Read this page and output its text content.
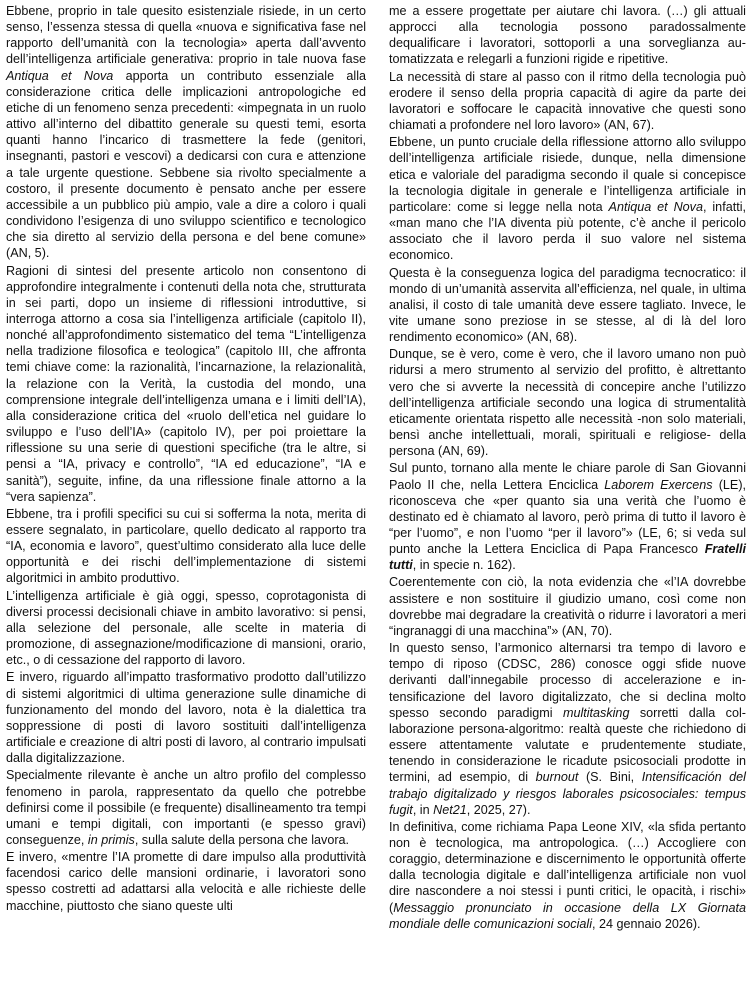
Ebbene, proprio in tale quesito esistenziale risiede, in un certo senso, l’essenza stessa di quella «nuova e significativa fase nel rapporto dell’umanità con la tecnologia» aperta dall’avvento dell’intelligenza artificiale generativa: proprio in tale nuova fase Antiqua et Nova apporta un contributo essenziale alla considerazione critica delle implicazioni antropologiche ed etiche di un fenomeno senza precedenti: «impegnata in un ruolo attivo all’interno del dibattito generale su questi temi, esorta quanti hanno l’incarico di trasmettere la fede (genitori, insegnanti, pastori e vescovi) a dedicarsi con cura e attenzione a tale urgente questione. Sebbene sia rivolto specialmente a costoro, il presente documento è pensato anche per essere accessibile a un pubblico più ampio, vale a dire a coloro i quali condividono l’esigenza di uno sviluppo scientifico e tecnologico che sia diretto al servizio della persona e del bene comune» (AN, 5).

Ragioni di sintesi del presente articolo non consentono di approfondire integralmente i contenuti della nota che, strutturata in sei parti, dopo un insieme di riflessioni introduttive, si interroga attorno a cosa sia l’intelligenza artificiale (capitolo II), nonché all’approfondimento sistematico del tema “L’intelligenza nella tradizione filosofica e teologica” (capitolo III, che affronta temi chiave come: la razionalità, l’incarnazione, la relazionalità, la relazione con la Verità, la custodia del mondo, una comprensione integrale dell’intelligenza umana e i limiti dell’IA), alla considerazione critica del «ruolo dell’etica nel guidare lo sviluppo e l’uso dell’IA» (capitolo IV), per poi proiettare la riflessione su una serie di questioni specifiche (tra le altre, si pensi a “IA, privacy e controllo”, “IA ed educazione”, “IA e sanità”), seguite, infine, da una riflessione finale attorno a la “vera sapienza”.

Ebbene, tra i profili specifici su cui si sofferma la nota, merita di essere segnalato, in particolare, quello dedicato al rapporto tra “IA, economia e lavoro”, quest’ultimo considerato alla luce delle opportunità e dei rischi dell’implementazione di sistemi algoritmici in ambito produttivo.

L’intelligenza artificiale è già oggi, spesso, coprotagonista di diversi processi decisionali chiave in ambito lavorativo: si pensi, alla selezione del personale, alle scelte in materia di promozione, di assegnazione/modificazione di mansioni, orario, etc., o di cessazione del rapporto di lavoro.

E invero, riguardo all’impatto trasformativo prodotto dall’utilizzo di sistemi algoritmici di ultima generazione sulle dinamiche di funzionamento del mondo del lavoro, nota è la dialettica tra soppressione di posti di lavoro sostituiti dall’intelligenza artificiale e creazione di altri posti di lavoro, al contrario impulsati dalla digitalizzazione.

Specialmente rilevante è anche un altro profilo del complesso fenomeno in parola, rappresentato da quello che potrebbe definirsi come il possibile (e frequente) disallineamento tra tempi umani e tempi digitali, con importanti (e spesso gravi) conseguenze, in primis, sulla salute della persona che lavora.

E invero, «mentre l’IA promette di dare impulso alla produttività facendosi carico delle mansioni ordinarie, i lavoratori sono spesso costretti ad adattarsi alla velocità e alle richieste delle macchine, piuttosto che siano queste ulti

me a essere progettate per aiutare chi lavora. (…) gli attuali approcci alla tecnologia possono paradossalmente dequalificare i lavoratori, sottoporli a una sorveglianza automatizzata e relegarli a funzioni rigide e ripetitive.

La necessità di stare al passo con il ritmo della tecnologia può erodere il senso della propria capacità di agire da parte dei lavoratori e soffocare le capacità innovative che questi sono chiamati a profondere nel loro lavoro» (AN, 67).

Ebbene, un punto cruciale della riflessione attorno allo sviluppo dell’intelligenza artificiale risiede, dunque, nella dimensione etica e valoriale del paradigma secondo il quale si concepisce la tecnologia digitale in generale e l’intelligenza artificiale in particolare: come si legge nella nota Antiqua et Nova, infatti, «man mano che l’IA diventa più potente, c’è anche il pericolo associato che il lavoro perda il suo valore nel sistema economico.

Questa è la conseguenza logica del paradigma tecnocratico: il mondo di un’umanità asservita all’efficienza, nel quale, in ultima analisi, il costo di tale umanità deve essere tagliato. Invece, le vite umane sono preziose in se stesse, al di là del loro rendimento economico» (AN, 68).

Dunque, se è vero, come è vero, che il lavoro umano non può ridursi a mero strumento al servizio del profitto, è altrettanto vero che si avverte la necessità di concepire anche l’utilizzo dell’intelligenza artificiale secondo una logica di strumentalità eticamente orientata rispetto alle necessità -non solo materiali, bensì anche intellettuali, morali, spirituali e religiose- della persona (AN, 69).

Sul punto, tornano alla mente le chiare parole di San Giovanni Paolo II che, nella Lettera Enciclica Laborem Exercens (LE), riconosceva che «per quanto sia una verità che l’uomo è destinato ed è chiamato al lavoro, però prima di tutto il lavoro è “per l’uomo”, e non l’uomo “per il lavoro”» (LE, 6; si veda sul punto anche la Lettera Enciclica di Papa Francesco Fratelli tutti, in specie n. 162).

Coerentemente con ciò, la nota evidenzia che «l’IA dovrebbe assistere e non sostituire il giudizio umano, così come non dovrebbe mai degradare la creatività o ridurre i lavoratori a meri “ingranaggi di una macchina”» (AN, 70).

In questo senso, l’armonico alternarsi tra tempo di lavoro e tempo di riposo (CDSC, 286) conosce oggi sfide nuove derivanti dall’innegabile processo di accelerazione e intensificazione del lavoro digitalizzato, che si declina molto spesso secondo paradigmi multitasking sorretti dalla collaborazione persona-algoritmo: realtà queste che richiedono di essere attentamente valutate e prudentemente studiate, tenendo in considerazione le ricadute psicosociali prodotte in termini, ad esempio, di burnout (S. Bini, Intensificación del trabajo digitalizado y riesgos laborales psicosociales: tempus fugit, in Net21, 2025, 27).

In definitiva, come richiama Papa Leone XIV, «la sfida pertanto non è tecnologica, ma antropologica. (…) Accogliere con coraggio, determinazione e discernimento le opportunità offerte dalla tecnologia digitale e dall’intelligenza artificiale non vuol dire nascondere a noi stessi i punti critici, le opacità, i rischi» (Messaggio pronunciato in occasione della LX Giornata mondiale delle comunicazioni sociali, 24 gennaio 2026).
